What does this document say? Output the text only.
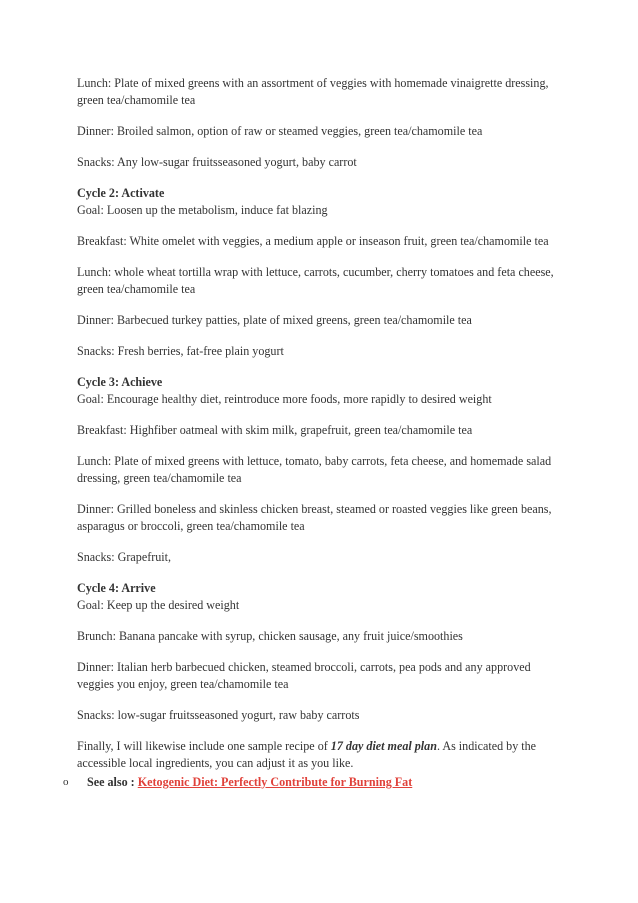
Lunch: Plate of mixed greens with an assortment of veggies with homemade vinaigrette dressing, green tea/chamomile tea

Dinner: Broiled salmon, option of raw or steamed veggies, green tea/chamomile tea

Snacks: Any low-sugar fruitsseasoned yogurt, baby carrot

Cycle 2: Activate
Goal: Loosen up the metabolism, induce fat blazing

Breakfast: White omelet with veggies, a medium apple or inseason fruit, green tea/chamomile tea

Lunch: whole wheat tortilla wrap with lettuce, carrots, cucumber, cherry tomatoes and feta cheese, green tea/chamomile tea

Dinner: Barbecued turkey patties, plate of mixed greens, green tea/chamomile tea

Snacks: Fresh berries, fat-free plain yogurt

Cycle 3: Achieve
Goal: Encourage healthy diet, reintroduce more foods, more rapidly to desired weight

Breakfast: Highfiber oatmeal with skim milk, grapefruit, green tea/chamomile tea

Lunch: Plate of mixed greens with lettuce, tomato, baby carrots, feta cheese, and homemade salad dressing, green tea/chamomile tea

Dinner: Grilled boneless and skinless chicken breast, steamed or roasted veggies like green beans, asparagus or broccoli, green tea/chamomile tea

Snacks: Grapefruit,

Cycle 4: Arrive
Goal: Keep up the desired weight

Brunch: Banana pancake with syrup, chicken sausage, any fruit juice/smoothies

Dinner: Italian herb barbecued chicken, steamed broccoli, carrots, pea pods and any approved veggies you enjoy, green tea/chamomile tea

Snacks: low-sugar fruitsseasoned yogurt, raw baby carrots

Finally, I will likewise include one sample recipe of 17 day diet meal plan. As indicated by the accessible local ingredients, you can adjust it as you like.

o See also : Ketogenic Diet: Perfectly Contribute for Burning Fat
